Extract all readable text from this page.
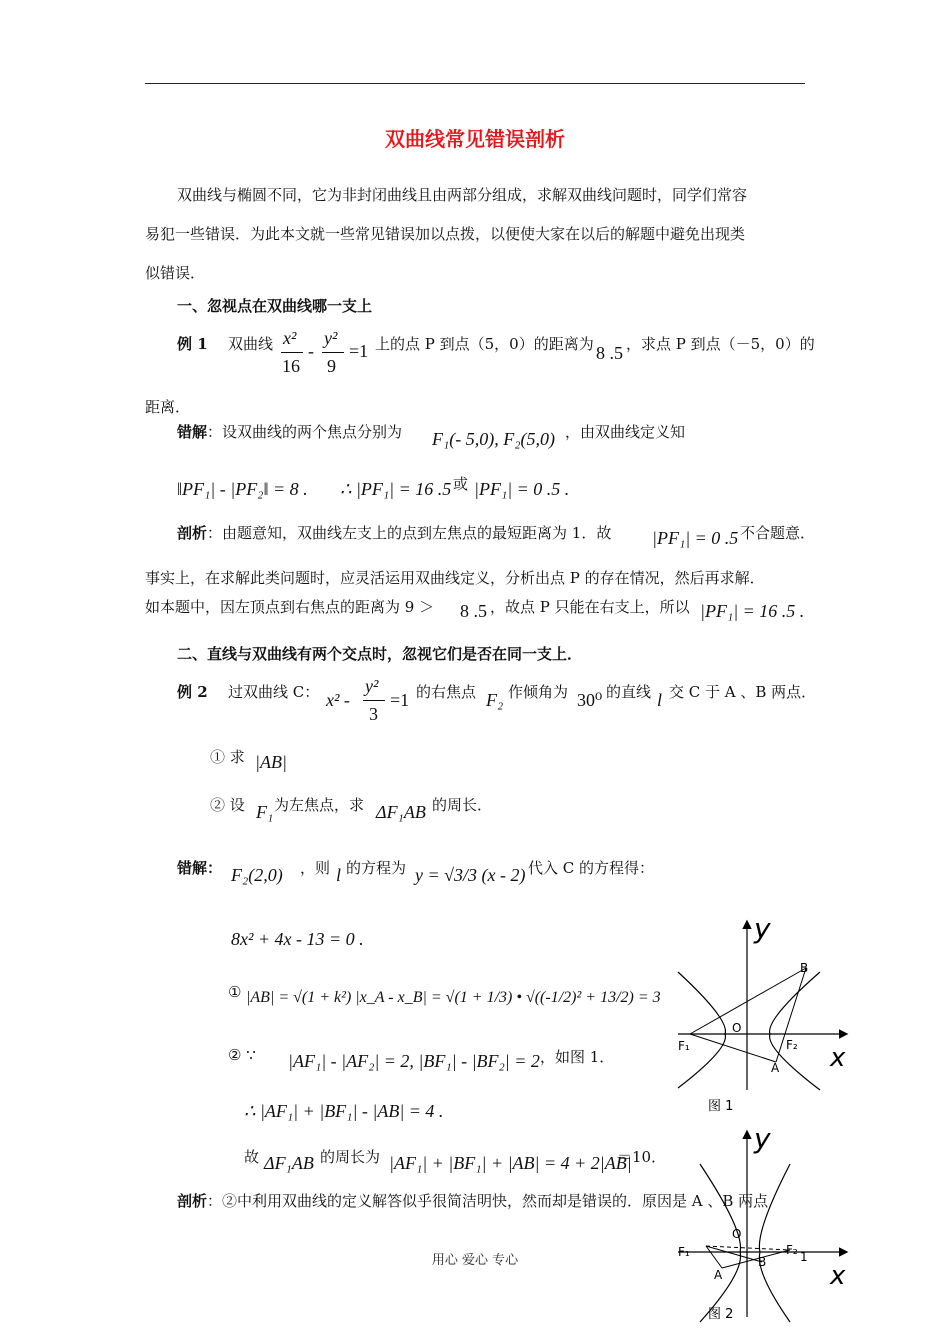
双曲线常见错误剖析
双曲线与椭圆不同，它为非封闭曲线且由两部分组成，求解双曲线问题时，同学们常容
易犯一些错误．为此本文就一些常见错误加以点拨，以便使大家在以后的解题中避免出现类
似错误．
一、忽视点在双曲线哪一支上
例 1 双曲线 x²
16
-
y²
9
=1 上的点 P 到点（5，0）的距离为 8 .5 ，求点 P 到点（－5，0）的
距离．
错解：设双曲线的两个焦点分别为 F₁(- 5,0), F₂(5,0) ，由双曲线定义知
‖PF₁| - |PF₂‖ = 8 . ∴ |PF₁| = 16 .5 或 |PF₁| = 0 .5 .
剖析：由题意知，双曲线左支上的点到左焦点的最短距离为 1．故 |PF₁| = 0 .5 不合题意．
事实上，在求解此类问题时，应灵活运用双曲线定义，分析出点 P 的存在情况，然后再求解．
如本题中，因左顶点到右焦点的距离为 9 ＞ 8 .5 ，故点 P 只能在右支上，所以 |PF₁| = 16 .5 .
二、直线与双曲线有两个交点时，忽视它们是否在同一支上．
例 2 过双曲线 C： x² -
y²
3
=1 的右焦点 F₂ 作倾角为 30⁰ 的直线 l 交 C 于 A 、B 两点．
① 求 |AB|
② 设 F₁ 为左焦点，求 ΔF₁AB 的周长．
错解： F₂(2,0) ，则 l 的方程为 y = √3/3 (x - 2) 代入 C 的方程得：
8x² + 4x - 13 = 0 .
① |AB| = √(1 + k²) |x_A - x_B| = √(1 + 1/3) • √((-1/2)² + 13/2) = 3
② ∵ |AF₁| - |AF₂| = 2, |BF₁| - |BF₂| = 2 ，如图 1．
∴ |AF₁| + |BF₁| - |AB| = 4 .
故 ΔF₁AB 的周长为 |AF₁| + |BF₁| + |AB| = 4 + 2|AB|
＝10．
剖析：②中利用双曲线的定义解答似乎很简洁明快，然而却是错误的．原因是 A 、B 两点
y
x
O
F₁	F₂
A
B
图 1
y
x
O
F₁	F₂ 1
A
B
图 2
用心 爱心 专心
